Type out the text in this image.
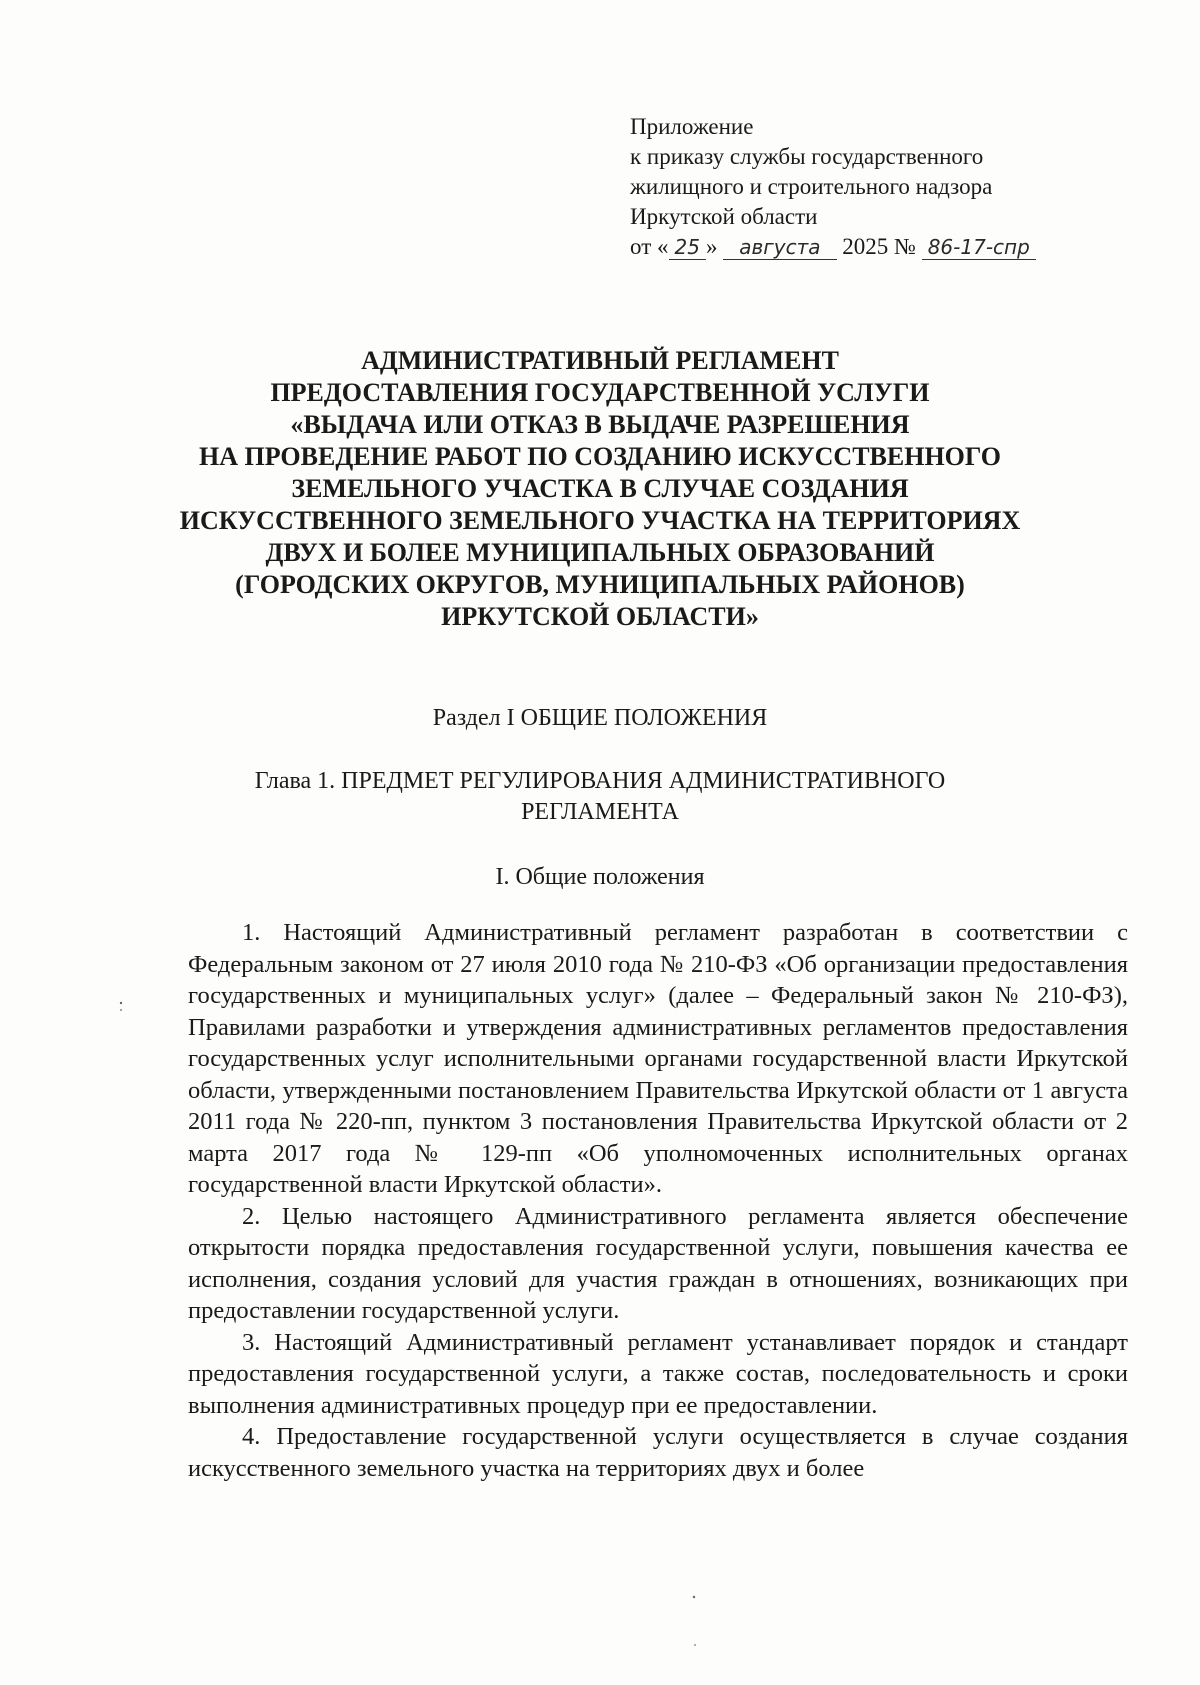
Приложение
к приказу службы государственного
жилищного и строительного надзора
Иркутской области
от « 25 » августа 2025 № 86-17-спр
АДМИНИСТРАТИВНЫЙ РЕГЛАМЕНТ
ПРЕДОСТАВЛЕНИЯ ГОСУДАРСТВЕННОЙ УСЛУГИ
«ВЫДАЧА ИЛИ ОТКАЗ В ВЫДАЧЕ РАЗРЕШЕНИЯ
НА ПРОВЕДЕНИЕ РАБОТ ПО СОЗДАНИЮ ИСКУССТВЕННОГО
ЗЕМЕЛЬНОГО УЧАСТКА В СЛУЧАЕ СОЗДАНИЯ
ИСКУССТВЕННОГО ЗЕМЕЛЬНОГО УЧАСТКА НА ТЕРРИТОРИЯХ
ДВУХ И БОЛЕЕ МУНИЦИПАЛЬНЫХ ОБРАЗОВАНИЙ
(ГОРОДСКИХ ОКРУГОВ, МУНИЦИПАЛЬНЫХ РАЙОНОВ)
ИРКУТСКОЙ ОБЛАСТИ»
Раздел I ОБЩИЕ ПОЛОЖЕНИЯ
Глава 1. ПРЕДМЕТ РЕГУЛИРОВАНИЯ АДМИНИСТРАТИВНОГО
РЕГЛАМЕНТА
I. Общие положения

1. Настоящий Административный регламент разработан в соответствии с Федеральным законом от 27 июля 2010 года № 210-ФЗ «Об организации предоставления государственных и муниципальных услуг» (далее – Федеральный закон № 210-ФЗ), Правилами разработки и утверждения административных регламентов предоставления государственных услуг исполнительными органами государственной власти Иркутской области, утвержденными постановлением Правительства Иркутской области от 1 августа 2011 года № 220-пп, пунктом 3 постановления Правительства Иркутской области от 2 марта 2017 года № 129-пп «Об уполномоченных исполнительных органах государственной власти Иркутской области».

2. Целью настоящего Административного регламента является обеспечение открытости порядка предоставления государственной услуги, повышения качества ее исполнения, создания условий для участия граждан в отношениях, возникающих при предоставлении государственной услуги.

3. Настоящий Административный регламент устанавливает порядок и стандарт предоставления государственной услуги, а также состав, последовательность и сроки выполнения административных процедур при ее предоставлении.

4. Предоставление государственной услуги осуществляется в случае создания искусственного земельного участка на территориях двух и более
